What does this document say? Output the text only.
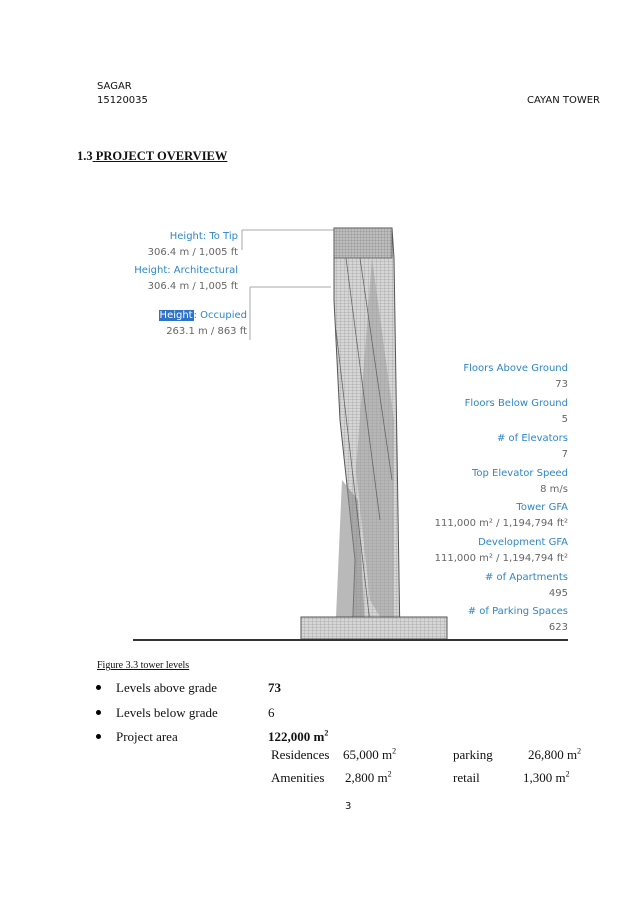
SAGAR
15120035	CAYAN TOWER
1.3 PROJECT OVERVIEW
Height: To Tip
306.4 m / 1,005 ft
Height: Architectural
306.4 m / 1,005 ft
Height: Occupied
263.1 m / 863 ft
Floors Above Ground
73
Floors Below Ground
5
# of Elevators
7
Top Elevator Speed
8 m/s
Tower GFA
111,000 m² / 1,194,794 ft²
Development GFA
111,000 m² / 1,194,794 ft²
# of Apartments
495
# of Parking Spaces
623
Figure 3.3 tower levels
Levels above grade	73
Levels below grade	6
Project area	122,000 $m^2$
Residences 65,000 $m^2$	parking	26,800 $m^2$
Amenities 2,800 $m^2$	retail	1,300 $m^2$
3
